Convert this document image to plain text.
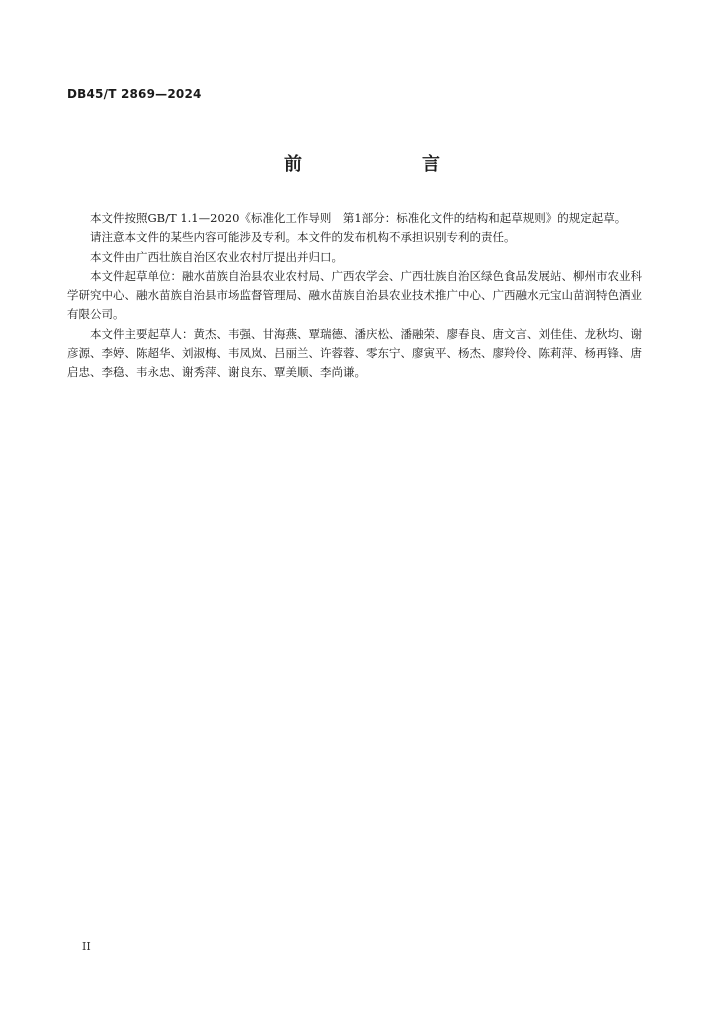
DB45/T 2869—2024
前　　言

本文件按照GB/T 1.1—2020《标准化工作导则　第1部分：标准化文件的结构和起草规则》的规定起草。

请注意本文件的某些内容可能涉及专利。本文件的发布机构不承担识别专利的责任。

本文件由广西壮族自治区农业农村厅提出并归口。

本文件起草单位：融水苗族自治县农业农村局、广西农学会、广西壮族自治区绿色食品发展站、柳州市农业科学研究中心、融水苗族自治县市场监督管理局、融水苗族自治县农业技术推广中心、广西融水元宝山苗润特色酒业有限公司。

本文件主要起草人：黄杰、韦强、甘海燕、覃瑞德、潘庆松、潘融荣、廖春良、唐文言、刘佳佳、龙秋均、谢彦源、李婷、陈超华、刘淑梅、韦凤岚、吕丽兰、许蓉蓉、零东宁、廖寅平、杨杰、廖羚伶、陈莉萍、杨再锋、唐启忠、李稳、韦永忠、谢秀萍、谢良东、覃美顺、李尚谦。

II
